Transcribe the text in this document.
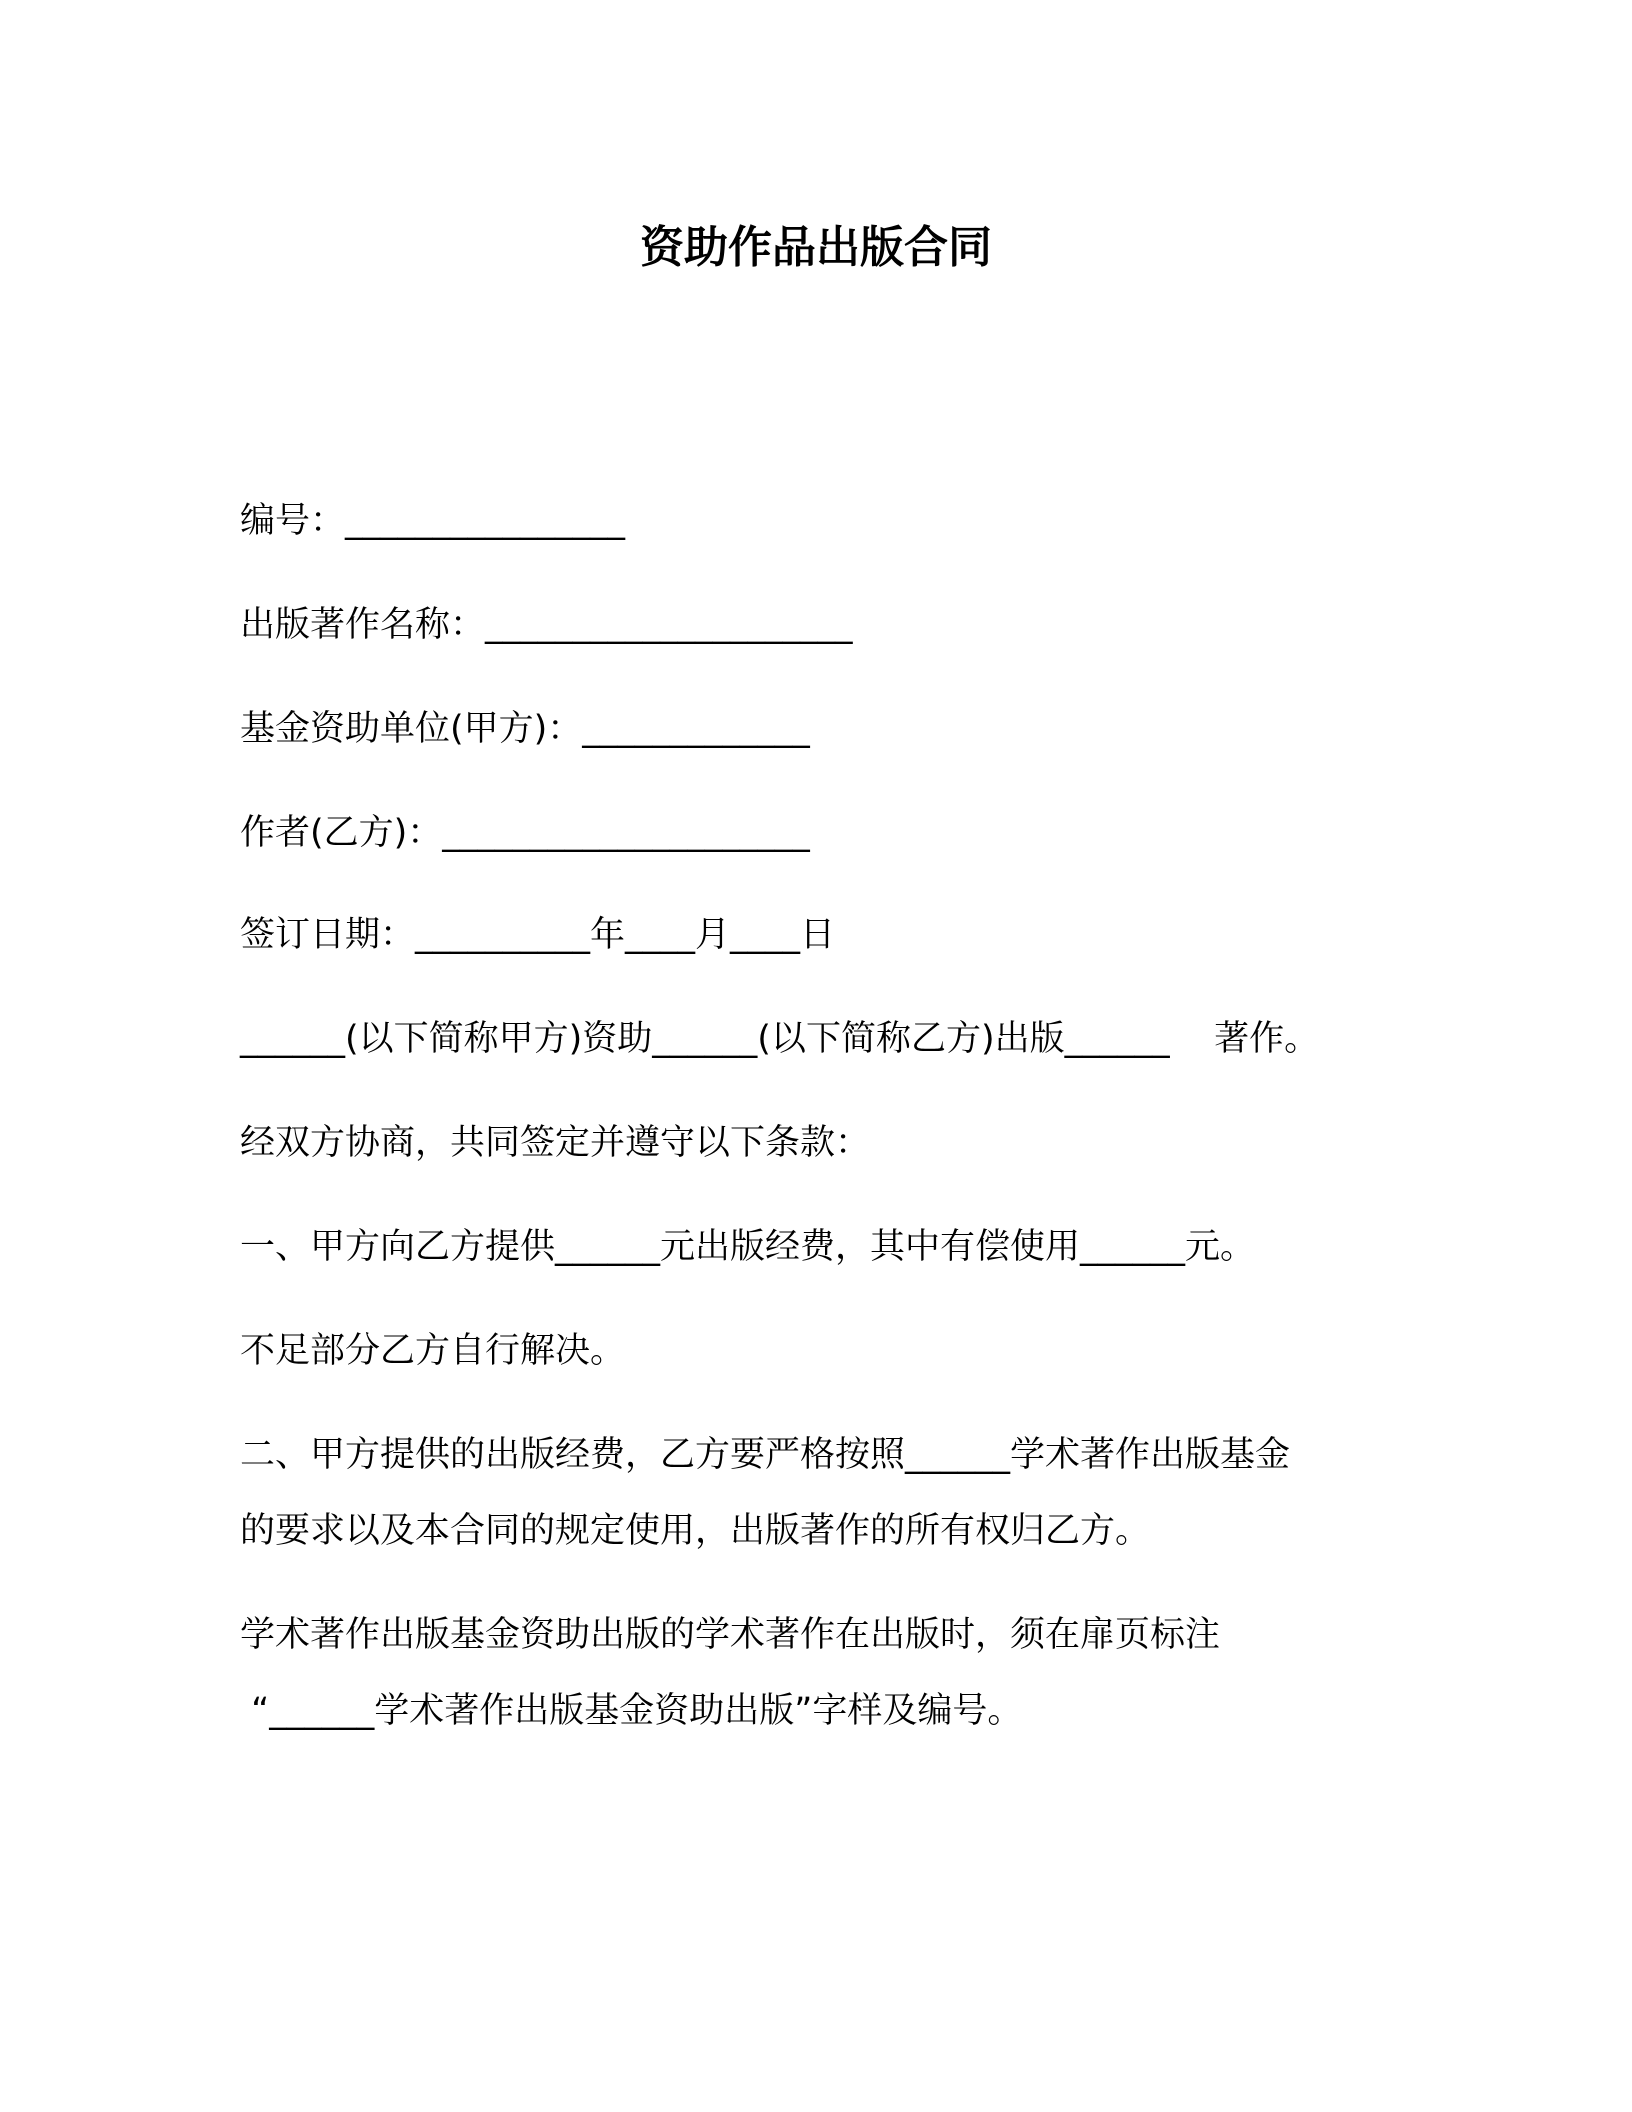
资助作品出版合同

编号：________________

出版著作名称：_____________________

基金资助单位(甲方)：_____________

作者(乙方)：_____________________

签订日期：__________年____月____日

______(以下简称甲方)资助______(以下简称乙方)出版______    著作。

经双方协商，共同签定并遵守以下条款：

一、甲方向乙方提供______元出版经费，其中有偿使用______元。

不足部分乙方自行解决。

二、甲方提供的出版经费，乙方要严格按照______学术著作出版基金

的要求以及本合同的规定使用，出版著作的所有权归乙方。

学术著作出版基金资助出版的学术著作在出版时，须在扉页标注

“______学术著作出版基金资助出版”字样及编号。
